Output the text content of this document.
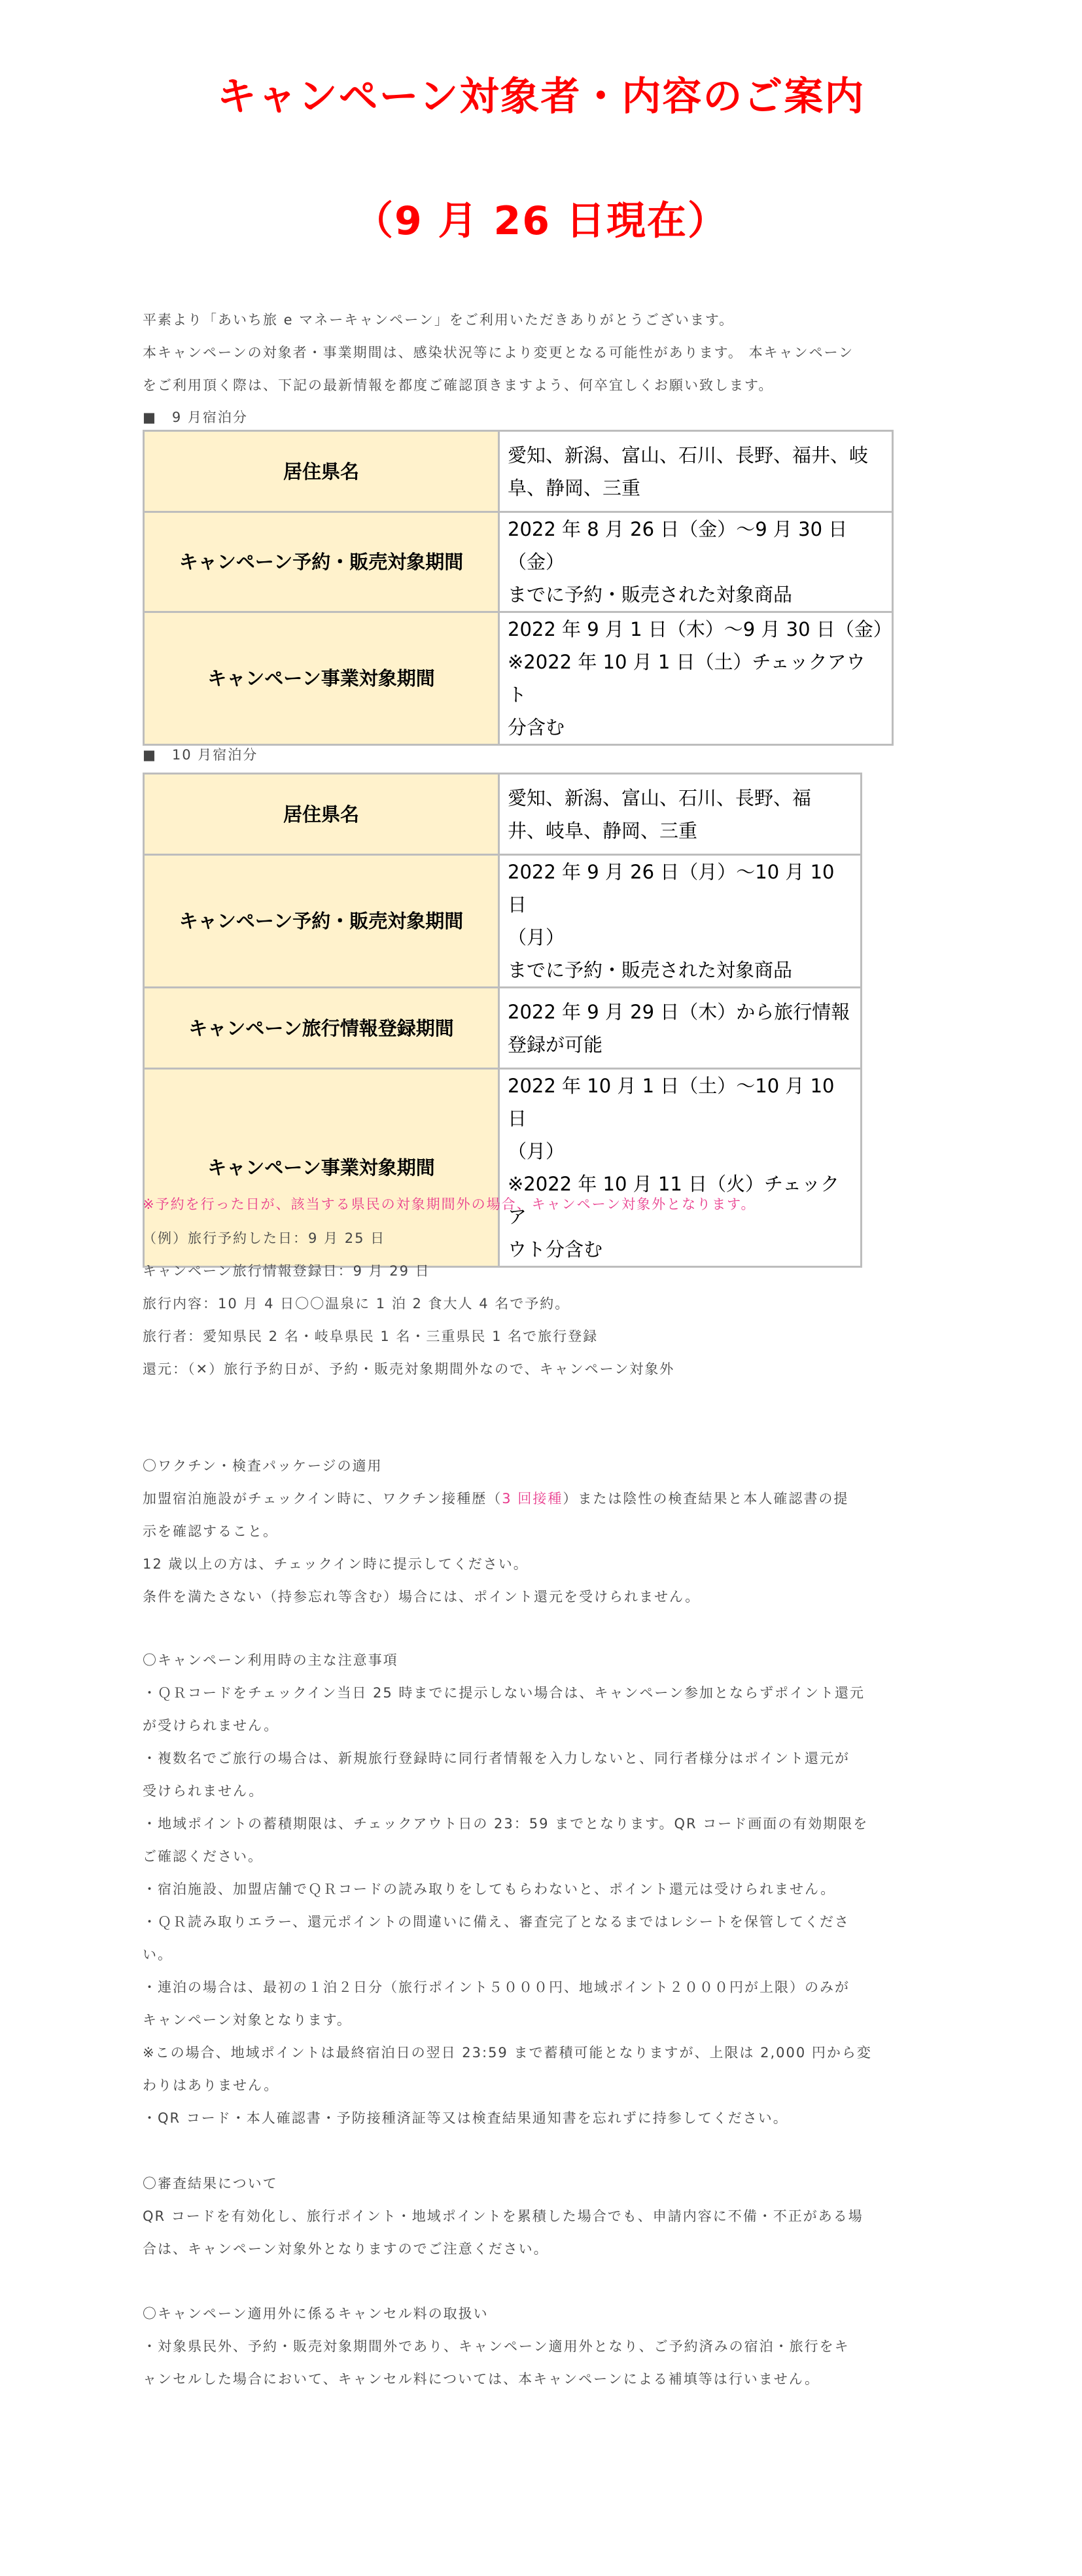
キャンペーン対象者・内容のご案内
（9 月 26 日現在）
平素より「あいち旅 e マネーキャンペーン」をご利用いただきありがとうございます。
本キャンペーンの対象者・事業期間は、感染状況等により変更となる可能性があります。 本キャンペーン
をご利用頂く際は、下記の最新情報を都度ご確認頂きますよう、何卒宜しくお願い致します。
■　9 月宿泊分
居住県名	愛知、新潟、富山、石川、長野、福井、岐
阜、静岡、三重

キャンペーン予約・販売対象期間	2022 年 8 月 26 日（金）〜9 月 30 日（金）
までに予約・販売された対象商品

キャンペーン事業対象期間	2022 年 9 月 1 日（木）〜9 月 30 日（金）
※2022 年 10 月 1 日（土）チェックアウト
分含む
■　10 月宿泊分
居住県名	愛知、新潟、富山、石川、長野、福
井、岐阜、静岡、三重

キャンペーン予約・販売対象期間	2022 年 9 月 26 日（月）〜10 月 10 日
（月）
までに予約・販売された対象商品

キャンペーン旅行情報登録期間	2022 年 9 月 29 日（木）から旅行情報
登録が可能

キャンペーン事業対象期間	2022 年 10 月 1 日（土）〜10 月 10 日
（月）
※2022 年 10 月 11 日（火）チェックア
ウト分含む
※予約を行った日が、該当する県民の対象期間外の場合、キャンペーン対象外となります。
（例）旅行予約した日：9 月 25 日
キャンペーン旅行情報登録日：9 月 29 日
旅行内容：10 月 4 日〇〇温泉に 1 泊 2 食大人 4 名で予約。
旅行者：愛知県民 2 名・岐阜県民 1 名・三重県民 1 名で旅行登録
還元：（✕）旅行予約日が、予約・販売対象期間外なので、キャンペーン対象外
〇ワクチン・検査パッケージの適用
加盟宿泊施設がチェックイン時に、ワクチン接種歴（3 回接種）または陰性の検査結果と本人確認書の提
示を確認すること。
12 歳以上の方は、チェックイン時に提示してください。
条件を満たさない（持参忘れ等含む）場合には、ポイント還元を受けられません。
〇キャンペーン利用時の主な注意事項
・ＱＲコードをチェックイン当日 25 時までに提示しない場合は、キャンペーン参加とならずポイント還元
が受けられません。
・複数名でご旅行の場合は、新規旅行登録時に同行者情報を入力しないと、同行者様分はポイント還元が
受けられません。
・地域ポイントの蓄積期限は、チェックアウト日の 23：59 までとなります。QR コード画面の有効期限を
ご確認ください。
・宿泊施設、加盟店舗でＱＲコードの読み取りをしてもらわないと、ポイント還元は受けられません。
・ＱＲ読み取りエラー、還元ポイントの間違いに備え、審査完了となるまではレシートを保管してくださ
い。
・連泊の場合は、最初の１泊２日分（旅行ポイント５０００円、地域ポイント２０００円が上限）のみが
キャンペーン対象となります。
※この場合、地域ポイントは最終宿泊日の翌日 23:59 まで蓄積可能となりますが、上限は 2,000 円から変
わりはありません。
・QR コード・本人確認書・予防接種済証等又は検査結果通知書を忘れずに持参してください。
〇審査結果について
QR コードを有効化し、旅行ポイント・地域ポイントを累積した場合でも、申請内容に不備・不正がある場
合は、キャンペーン対象外となりますのでご注意ください。
〇キャンペーン適用外に係るキャンセル料の取扱い
・対象県民外、予約・販売対象期間外であり、キャンペーン適用外となり、ご予約済みの宿泊・旅行をキ
ャンセルした場合において、キャンセル料については、本キャンペーンによる補填等は行いません。
